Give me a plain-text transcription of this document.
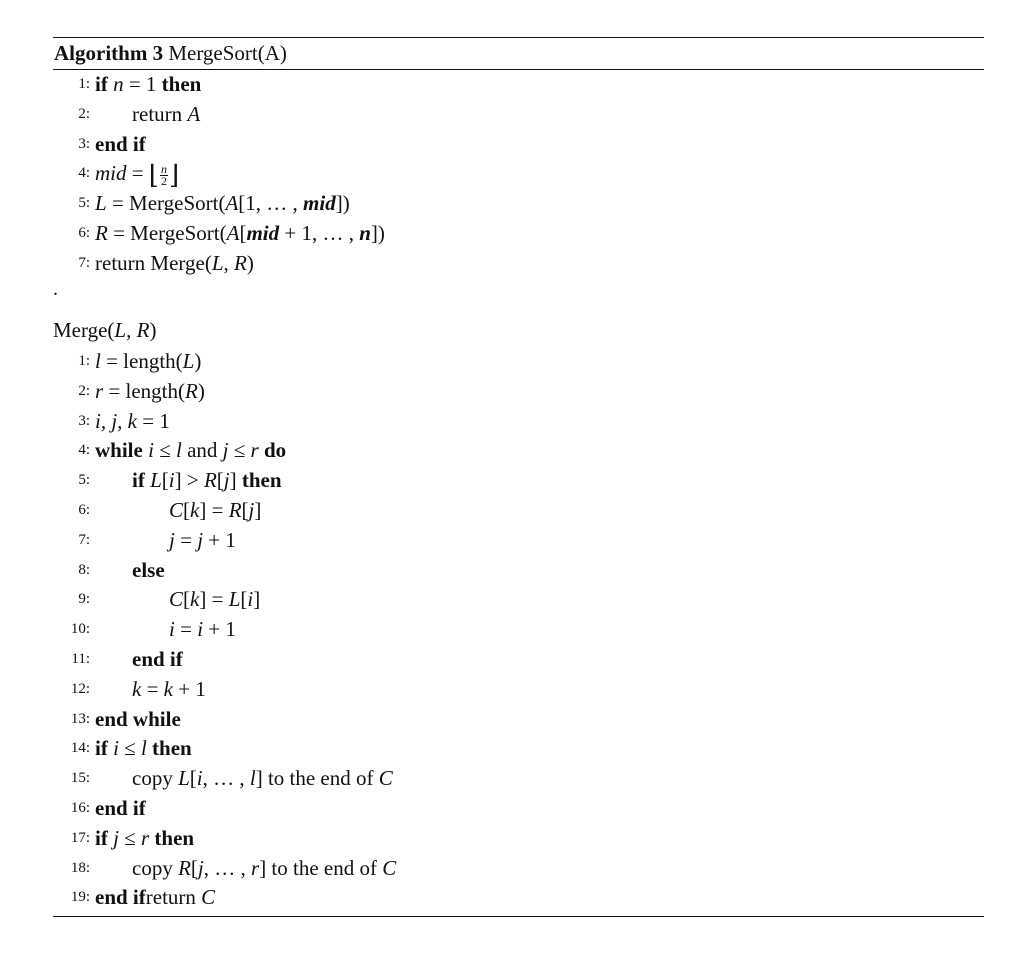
Algorithm 3 MergeSort(A)
1: if n = 1 then
2: return A
3: end if
4: mid = ⌊ $\frac{n}{2}$ ⌋
5: L = MergeSort(A[1, … , mid])
6: R = MergeSort(A[mid + 1, … , n])
7: return Merge(L, R)
.
Merge(L, R)
1: l = length(L)
2: r = length(R)
3: i, j, k = 1
4: while i ≤ l and j ≤ r do
5: if L[i] > R[j] then
6:	C[k] = R[j]
7:	j = j + 1
8: else
9:	C[k] = L[i]
10:	i = i + 1
11: end if
12: k = k + 1
13: end while
14: if i ≤ l then
15: copy L[i, … , l] to the end of C
16: end if
17: if j ≤ r then
18: copy R[j, … , r] to the end of C
19: end ifreturn C
